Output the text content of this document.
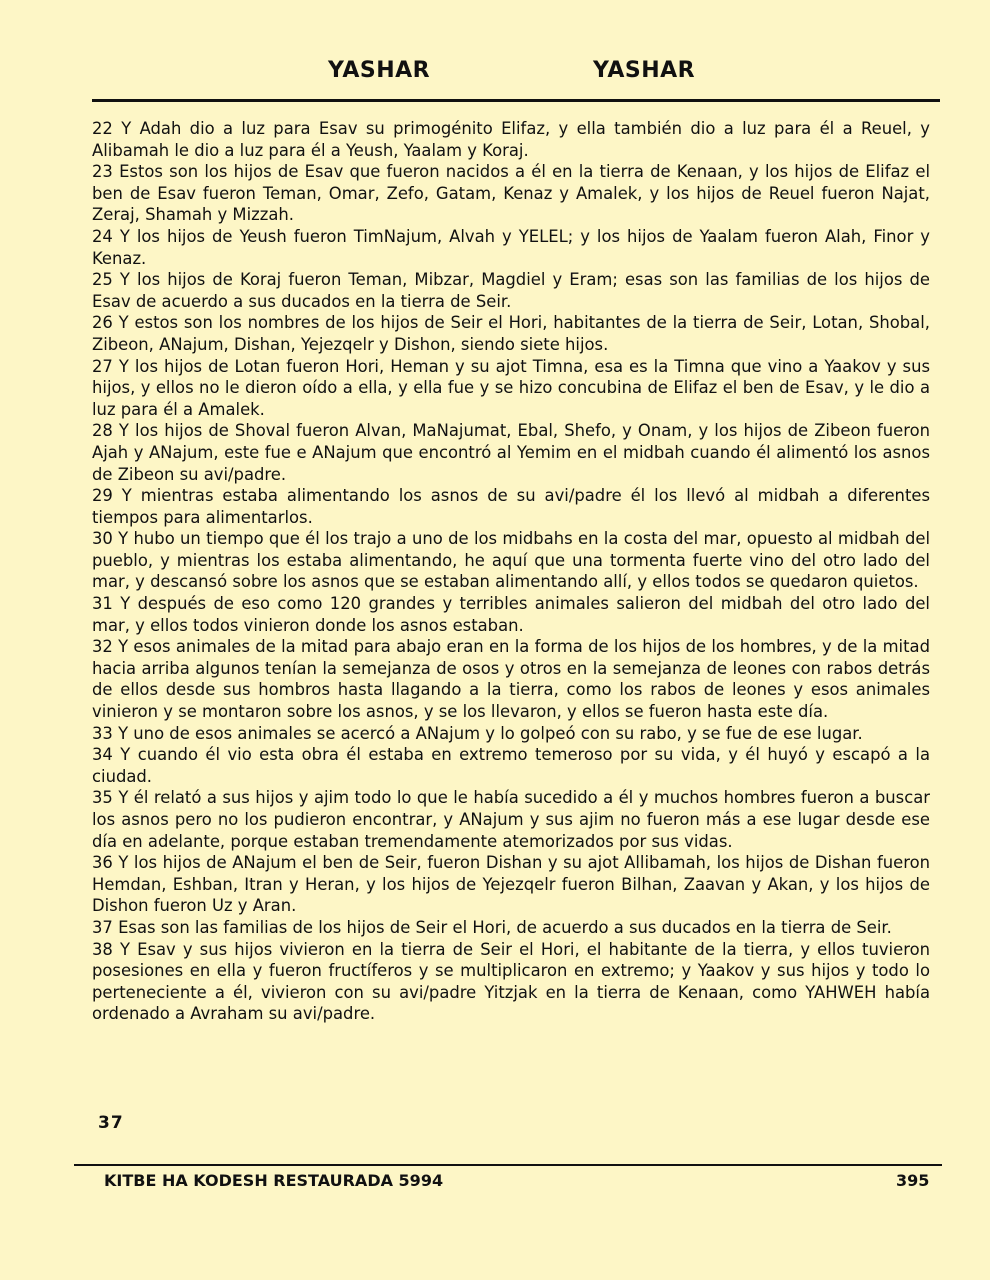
YASHAR	YASHAR

22 Y Adah dio a luz para Esav su primogénito Elifaz, y ella también dio a luz para él a Reuel, y Alibamah le dio a luz para él a Yeush, Yaalam y Koraj.

23 Estos son los hijos de Esav que fueron nacidos a él en la tierra de Kenaan, y los hijos de Elifaz el ben de Esav fueron Teman, Omar, Zefo, Gatam, Kenaz y Amalek, y los hijos de Reuel fueron Najat, Zeraj, Shamah y Mizzah.

24 Y los hijos de Yeush fueron TimNajum, Alvah y YELEL; y los hijos de Yaalam fueron Alah, Finor y Kenaz.

25 Y los hijos de Koraj fueron Teman, Mibzar, Magdiel y Eram; esas son las familias de los hijos de Esav de acuerdo a sus ducados en la tierra de Seir.

26 Y estos son los nombres de los hijos de Seir el Hori, habitantes de la tierra de Seir, Lotan, Shobal, Zibeon, ANajum, Dishan, Yejezqelr y Dishon, siendo siete hijos.

27 Y los hijos de Lotan fueron Hori, Heman y su ajot Timna, esa es la Timna que vino a Yaakov y sus hijos, y ellos no le dieron oído a ella, y ella fue y se hizo concubina de Elifaz el ben de Esav, y le dio a luz para él a Amalek.

28 Y los hijos de Shoval fueron Alvan, MaNajumat, Ebal, Shefo, y Onam, y los hijos de Zibeon fueron Ajah y ANajum, este fue e ANajum que encontró al Yemim en el midbah cuando él alimentó los asnos de Zibeon su avi/padre.

29 Y mientras estaba alimentando los asnos de su avi/padre él los llevó al midbah a diferentes tiempos para alimentarlos.

30 Y hubo un tiempo que él los trajo a uno de los midbahs en la costa del mar, opuesto al midbah del pueblo, y mientras los estaba alimentando, he aquí que una tormenta fuerte vino del otro lado del mar, y descansó sobre los asnos que se estaban alimentando allí, y ellos todos se quedaron quietos.

31 Y después de eso como 120 grandes y terribles animales salieron del midbah del otro lado del mar, y ellos todos vinieron donde los asnos estaban.

32 Y esos animales de la mitad para abajo eran en la forma de los hijos de los hombres, y de la mitad hacia arriba algunos tenían la semejanza de osos y otros en la semejanza de leones con rabos detrás de ellos desde sus hombros hasta llagando a la tierra, como los rabos de leones y esos animales vinieron y se montaron sobre los asnos, y se los llevaron, y ellos se fueron hasta este día.

33 Y uno de esos animales se acercó a ANajum y lo golpeó con su rabo, y se fue de ese lugar.

34 Y cuando él vio esta obra él estaba en extremo temeroso por su vida, y él huyó y escapó a la ciudad.

35 Y él relató a sus hijos y ajim todo lo que le había sucedido a él y muchos hombres fueron a buscar los asnos pero no los pudieron encontrar, y ANajum y sus ajim no fueron más a ese lugar desde ese día en adelante, porque estaban tremendamente atemorizados por sus vidas.

36 Y los hijos de ANajum el ben de Seir, fueron Dishan y su ajot Allibamah, los hijos de Dishan fueron Hemdan, Eshban, Itran y Heran, y los hijos de Yejezqelr fueron Bilhan, Zaavan y Akan, y los hijos de Dishon fueron Uz y Aran.

37 Esas son las familias de los hijos de Seir el Hori, de acuerdo a sus ducados en la tierra de Seir.

38 Y Esav y sus hijos vivieron en la tierra de Seir el Hori, el habitante de la tierra, y ellos tuvieron posesiones en ella y fueron fructíferos y se multiplicaron en extremo; y Yaakov y sus hijos y todo lo perteneciente a él, vivieron con su avi/padre Yitzjak en la tierra de Kenaan, como YAHWEH había ordenado a Avraham su avi/padre.

37
KITBE HA KODESH RESTAURADA 5994	395
